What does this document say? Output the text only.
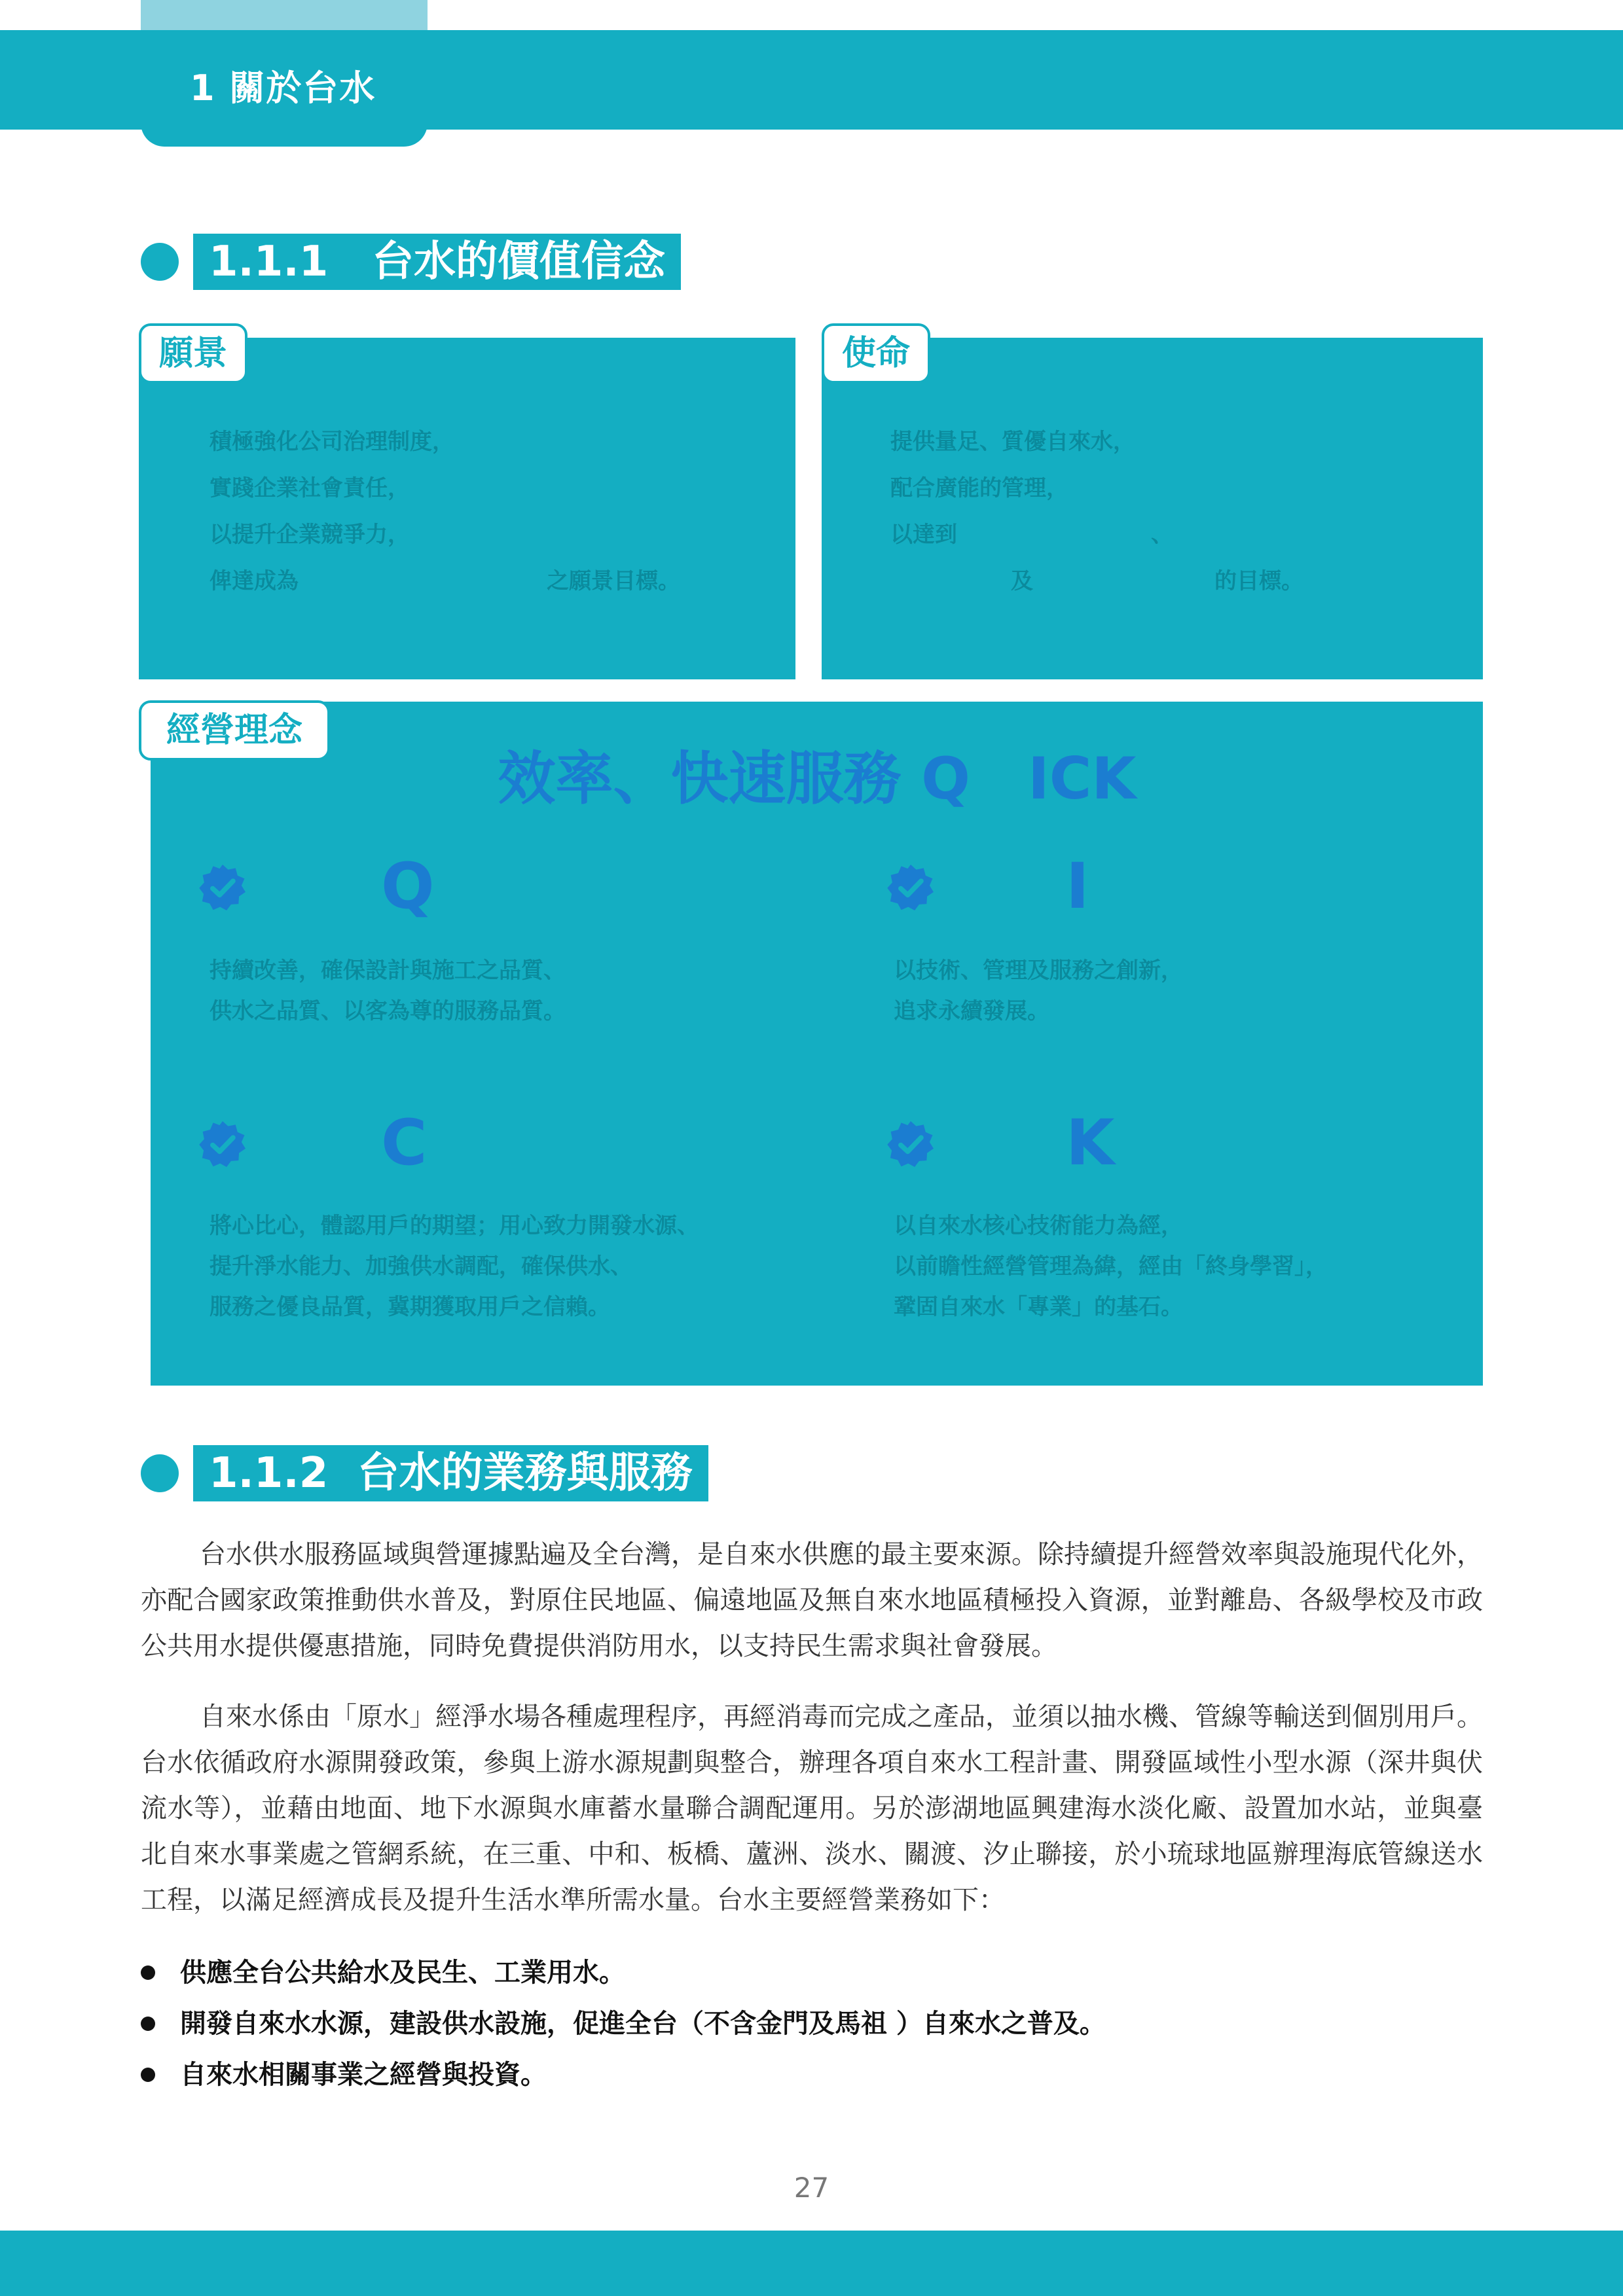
1 關於台水
1.1.1 台水的價值信念
願景
積極強化公司治理制度，
實踐企業社會責任，
以提升企業競爭力，
俾達成為	之願景目標。
使命
提供量足、質優自來水，
配合廣能的管理，
以達到	、
及	的目標。
經營理念
效率、快速服務 Q　ICK
Q
持續改善，確保設計與施工之品質、
供水之品質、以客為尊的服務品質。
I
以技術、管理及服務之創新，
追求永續發展。
C
將心比心，體認用戶的期望；用心致力開發水源、
提升淨水能力、加強供水調配，確保供水、
服務之優良品質，冀期獲取用戶之信賴。
K
以自來水核心技術能力為經，
以前瞻性經營管理為緯，經由「終身學習」，
鞏固自來水「專業」的基石。
1.1.2 台水的業務與服務

台水供水服務區域與營運據點遍及全台灣，是自來水供應的最主要來源。除持續提升經營效率與設施現代化外，亦配合國家政策推動供水普及，對原住民地區、偏遠地區及無自來水地區積極投入資源，並對離島、各級學校及市政公共用水提供優惠措施，同時免費提供消防用水，以支持民生需求與社會發展。

自來水係由「原水」經淨水場各種處理程序，再經消毒而完成之產品，並須以抽水機、管線等輸送到個別用戶。台水依循政府水源開發政策，參與上游水源規劃與整合，辦理各項自來水工程計畫、開發區域性小型水源（深井與伏流水等），並藉由地面、地下水源與水庫蓄水量聯合調配運用。另於澎湖地區興建海水淡化廠、設置加水站，並與臺北自來水事業處之管網系統，在三重、中和、板橋、蘆洲、淡水、關渡、汐止聯接，於小琉球地區辦理海底管線送水工程，以滿足經濟成長及提升生活水準所需水量。台水主要經營業務如下：

供應全台公共給水及民生、工業用水。
開發自來水水源，建設供水設施，促進全台（不含金門及馬祖 ）自來水之普及。
自來水相關事業之經營與投資。
27
